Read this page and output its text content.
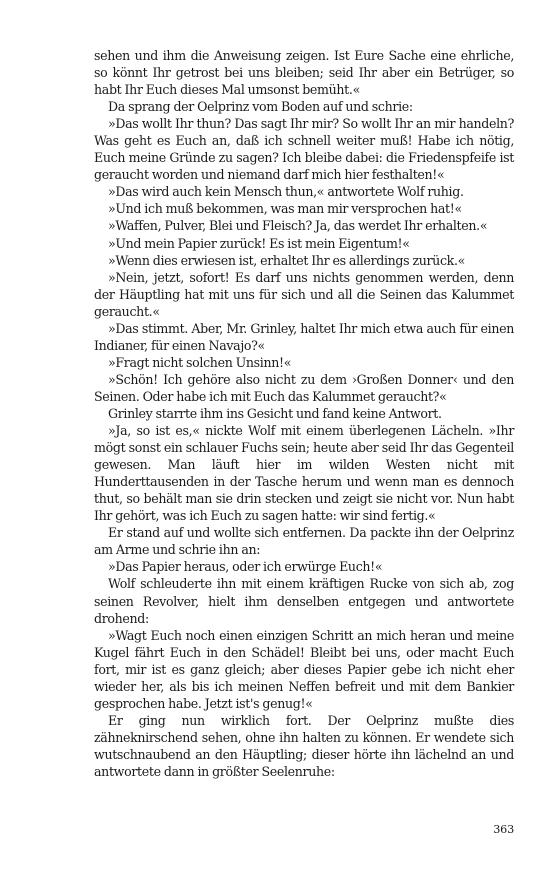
sehen und ihm die Anweisung zeigen. Ist Eure Sache eine ehrliche, so könnt Ihr getrost bei uns bleiben; seid Ihr aber ein Betrüger, so habt Ihr Euch dieses Mal umsonst bemüht.«

Da sprang der Oelprinz vom Boden auf und schrie:

»Das wollt Ihr thun? Das sagt Ihr mir? So wollt Ihr an mir handeln? Was geht es Euch an, daß ich schnell weiter muß! Habe ich nötig, Euch meine Gründe zu sagen? Ich bleibe dabei: die Friedenspfeife ist geraucht worden und niemand darf mich hier festhalten!«

»Das wird auch kein Mensch thun,« antwortete Wolf ruhig.

»Und ich muß bekommen, was man mir versprochen hat!«

»Waffen, Pulver, Blei und Fleisch? Ja, das werdet Ihr erhalten.«

»Und mein Papier zurück! Es ist mein Eigentum!«

»Wenn dies erwiesen ist, erhaltet Ihr es allerdings zurück.«

»Nein, jetzt, sofort! Es darf uns nichts genommen werden, denn der Häuptling hat mit uns für sich und all die Seinen das Kalummet geraucht.«

»Das stimmt. Aber, Mr. Grinley, haltet Ihr mich etwa auch für einen Indianer, für einen Navajo?«

»Fragt nicht solchen Unsinn!«

»Schön! Ich gehöre also nicht zu dem ›Großen Donner‹ und den Seinen. Oder habe ich mit Euch das Kalummet geraucht?«

Grinley starrte ihm ins Gesicht und fand keine Antwort.

»Ja, so ist es,« nickte Wolf mit einem überlegenen Lächeln. »Ihr mögt sonst ein schlauer Fuchs sein; heute aber seid Ihr das Gegenteil gewesen. Man läuft hier im wilden Westen nicht mit Hunderttausenden in der Tasche herum und wenn man es dennoch thut, so behält man sie drin stecken und zeigt sie nicht vor. Nun habt Ihr gehört, was ich Euch zu sagen hatte: wir sind fertig.«

Er stand auf und wollte sich entfernen. Da packte ihn der Oelprinz am Arme und schrie ihn an:

»Das Papier heraus, oder ich erwürge Euch!«

Wolf schleuderte ihn mit einem kräftigen Rucke von sich ab, zog seinen Revolver, hielt ihm denselben entgegen und antwortete drohend:

»Wagt Euch noch einen einzigen Schritt an mich heran und meine Kugel fährt Euch in den Schädel! Bleibt bei uns, oder macht Euch fort, mir ist es ganz gleich; aber dieses Papier gebe ich nicht eher wieder her, als bis ich meinen Neffen befreit und mit dem Bankier gesprochen habe. Jetzt ist's genug!«

Er ging nun wirklich fort. Der Oelprinz mußte dies zähneknirschend sehen, ohne ihn halten zu können. Er wendete sich wutschnaubend an den Häuptling; dieser hörte ihn lächelnd an und antwortete dann in größter Seelenruhe:

363
